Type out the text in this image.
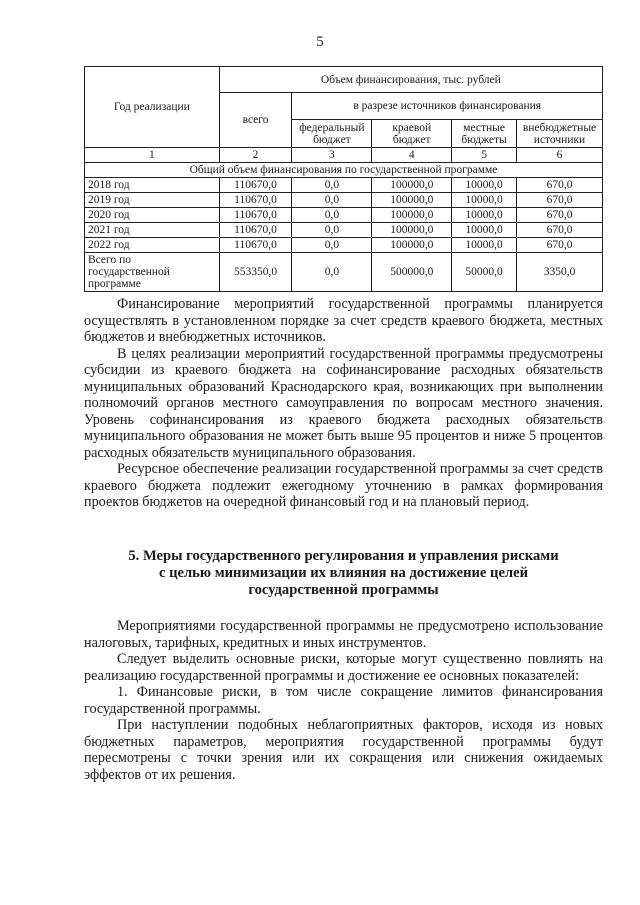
5
Год реализации	Объем финансирования, тыс. рублей				
	всего	в разрезе источников финансирования			
		федеральный бюджет	краевой бюджет	местные бюджеты	внебюджетные источники
1	2	3	4	5	6
Общий объем финансирования по государственной программе					
2018 год	110670,0	0,0	100000,0	10000,0	670,0
2019 год	110670,0	0,0	100000,0	10000,0	670,0
2020 год	110670,0	0,0	100000,0	10000,0	670,0
2021 год	110670,0	0,0	100000,0	10000,0	670,0
2022 год	110670,0	0,0	100000,0	10000,0	670,0
Всего по государственной программе	553350,0	0,0	500000,0	50000,0	3350,0

Финансирование мероприятий государственной программы планируется осуществлять в установленном порядке за счет средств краевого бюджета, местных бюджетов и внебюджетных источников.

В целях реализации мероприятий государственной программы предусмотрены субсидии из краевого бюджета на софинансирование расходных обязательств муниципальных образований Краснодарского края, возникающих при выполнении полномочий органов местного самоуправления по вопросам местного значения. Уровень софинансирования из краевого бюджета расходных обязательств муниципального образования не может быть выше 95 процентов и ниже 5 процентов расходных обязательств муниципального образования.

Ресурсное обеспечение реализации государственной программы за счет средств краевого бюджета подлежит ежегодному уточнению в рамках формирования проектов бюджетов на очередной финансовый год и на плановый период.

5. Меры государственного регулирования и управления рисками
с целью минимизации их влияния на достижение целей
государственной программы

Мероприятиями государственной программы не предусмотрено использование налоговых, тарифных, кредитных и иных инструментов.

Следует выделить основные риски, которые могут существенно повлиять на реализацию государственной программы и достижение ее основных показателей:

1. Финансовые риски, в том числе сокращение лимитов финансирования государственной программы.

При наступлении подобных неблагоприятных факторов, исходя из новых бюджетных параметров, мероприятия государственной программы будут пересмотрены с точки зрения или их сокращения или снижения ожидаемых эффектов от их решения.
